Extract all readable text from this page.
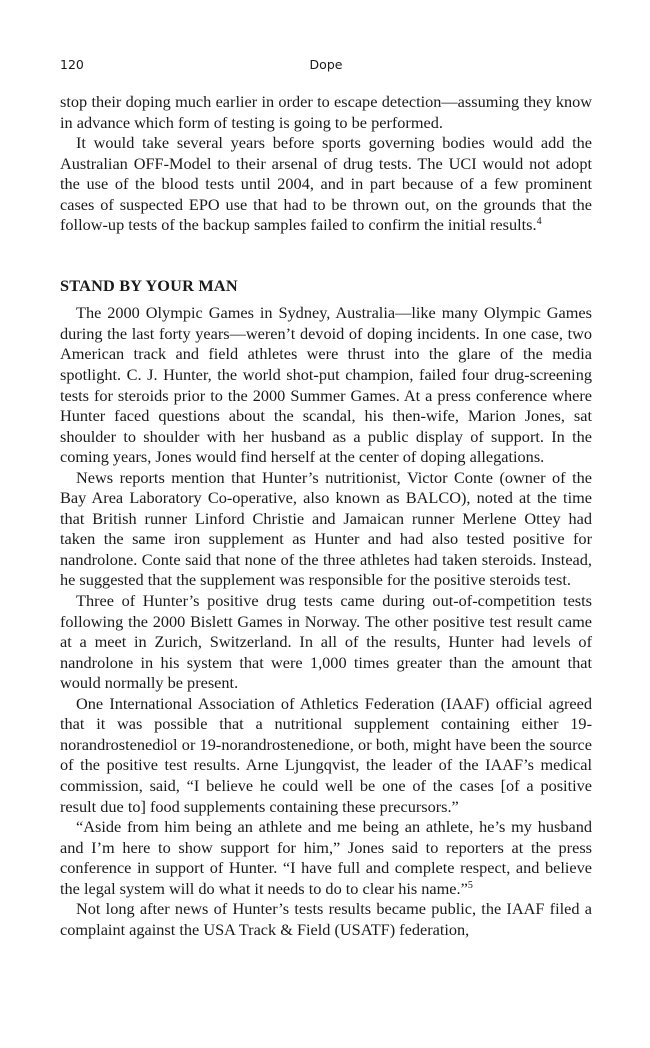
120	Dope

stop their doping much earlier in order to escape detection—assuming they know in advance which form of testing is going to be performed.

It would take several years before sports governing bodies would add the Australian OFF-Model to their arsenal of drug tests. The UCI would not adopt the use of the blood tests until 2004, and in part because of a few prominent cases of suspected EPO use that had to be thrown out, on the grounds that the follow-up tests of the backup samples failed to confirm the initial results.$^4$

STAND BY YOUR MAN

The 2000 Olympic Games in Sydney, Australia—like many Olympic Games during the last forty years—weren’t devoid of doping incidents. In one case, two American track and field athletes were thrust into the glare of the media spotlight. C. J. Hunter, the world shot-put champion, failed four drug-screening tests for steroids prior to the 2000 Summer Games. At a press conference where Hunter faced questions about the scandal, his then-wife, Marion Jones, sat shoulder to shoulder with her husband as a public display of support. In the coming years, Jones would find herself at the center of doping allegations.

News reports mention that Hunter’s nutritionist, Victor Conte (owner of the Bay Area Laboratory Co-operative, also known as BALCO), noted at the time that British runner Linford Christie and Jamaican runner Merlene Ottey had taken the same iron supplement as Hunter and had also tested positive for nandrolone. Conte said that none of the three athletes had taken steroids. Instead, he suggested that the supplement was responsible for the positive steroids test.

Three of Hunter’s positive drug tests came during out-of-competition tests following the 2000 Bislett Games in Norway. The other positive test result came at a meet in Zurich, Switzerland. In all of the results, Hunter had levels of nandrolone in his system that were 1,000 times greater than the amount that would normally be present.

One International Association of Athletics Federation (IAAF) official agreed that it was possible that a nutritional supplement containing either 19-norandrostenediol or 19-norandrostenedione, or both, might have been the source of the positive test results. Arne Ljungqvist, the leader of the IAAF’s medical commission, said, “I believe he could well be one of the cases [of a positive result due to] food supplements containing these precursors.”

“Aside from him being an athlete and me being an athlete, he’s my husband and I’m here to show support for him,” Jones said to reporters at the press conference in support of Hunter. “I have full and complete respect, and believe the legal system will do what it needs to do to clear his name.”$^5$

Not long after news of Hunter’s tests results became public, the IAAF filed a complaint against the USA Track & Field (USATF) federation,
